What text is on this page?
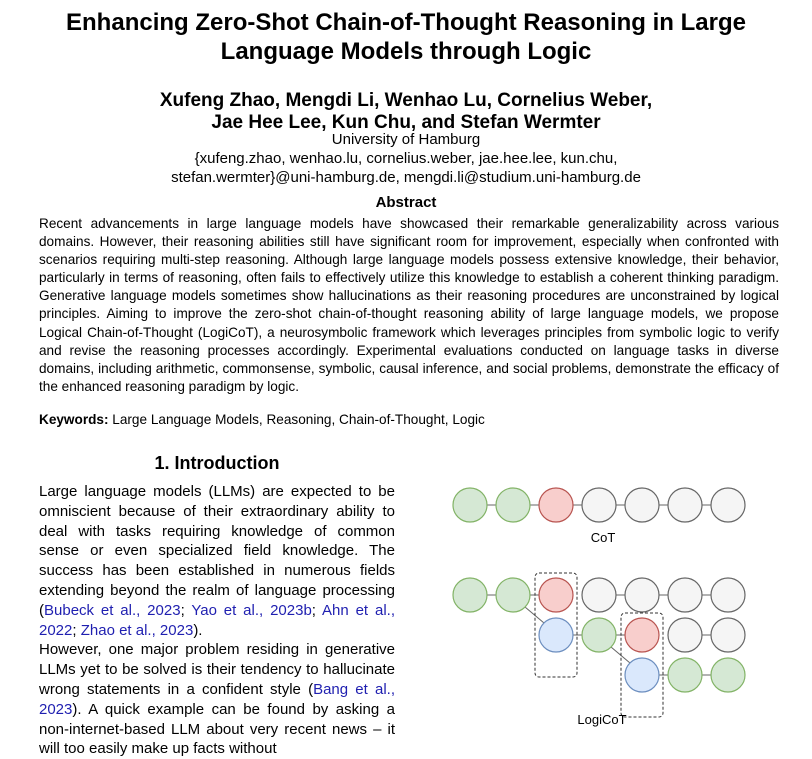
Enhancing Zero-Shot Chain-of-Thought Reasoning in Large Language Models through Logic
Xufeng Zhao, Mengdi Li, Wenhao Lu, Cornelius Weber,
Jae Hee Lee, Kun Chu, and Stefan Wermter
University of Hamburg
{xufeng.zhao, wenhao.lu, cornelius.weber, jae.hee.lee, kun.chu,
stefan.wermter}@uni-hamburg.de, mengdi.li@studium.uni-hamburg.de
Abstract
Recent advancements in large language models have showcased their remarkable generalizability across various domains. However, their reasoning abilities still have significant room for improvement, especially when confronted with scenarios requiring multi-step reasoning. Although large language models possess extensive knowledge, their behavior, particularly in terms of reasoning, often fails to effectively utilize this knowledge to establish a coherent thinking paradigm. Generative language models sometimes show hallucinations as their reasoning procedures are unconstrained by logical principles. Aiming to improve the zero-shot chain-of-thought reasoning ability of large language models, we propose Logical Chain-of-Thought (LogiCoT), a neurosymbolic framework which leverages principles from symbolic logic to verify and revise the reasoning processes accordingly. Experimental evaluations conducted on language tasks in diverse domains, including arithmetic, commonsense, symbolic, causal inference, and social problems, demonstrate the efficacy of the enhanced reasoning paradigm by logic.
Keywords: Large Language Models, Reasoning, Chain-of-Thought, Logic
1. Introduction

Large language models (LLMs) are expected to be omniscient because of their extraordinary ability to deal with tasks requiring knowledge of common sense or even specialized field knowledge. The success has been established in numerous fields extending beyond the realm of language processing (Bubeck et al., 2023; Yao et al., 2023b; Ahn et al., 2022; Zhao et al., 2023).

However, one major problem residing in generative LLMs yet to be solved is their tendency to hallucinate wrong statements in a confident style (Bang et al., 2023). A quick example can be found by asking a non-internet-based LLM about very recent news – it will too easily make up facts without

CoT
LogiCoT
